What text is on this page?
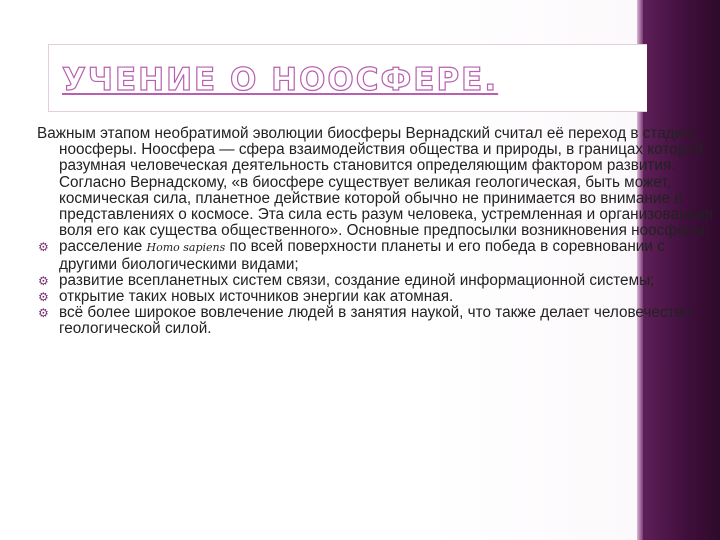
УЧЕНИЕ О НООСФЕРЕ.

Важным этапом необратимой эволюции биосферы Вернадский считал её переход в стадию ноосферы. Ноосфера — сфера взаимодействия общества и природы, в границах которой разумная человеческая деятельность становится определяющим фактором развития. Согласно Вернадскому, «в биосфере существует великая геологическая, быть может, космическая сила, планетное действие которой обычно не принимается во внимание в представлениях о космосе. Эта сила есть разум человека, устремленная и организованная воля его как существа общественного». Основные предпосылки возникновения ноосферы:

⚙ расселение Homo sapiens по всей поверхности планеты и его победа в соревновании с другими биологическими видами;
⚙ развитие всепланетных систем связи, создание единой информационной системы;
⚙ открытие таких новых источников энергии как атомная.
⚙ всё более широкое вовлечение людей в занятия наукой, что также делает человечество геологической силой.
